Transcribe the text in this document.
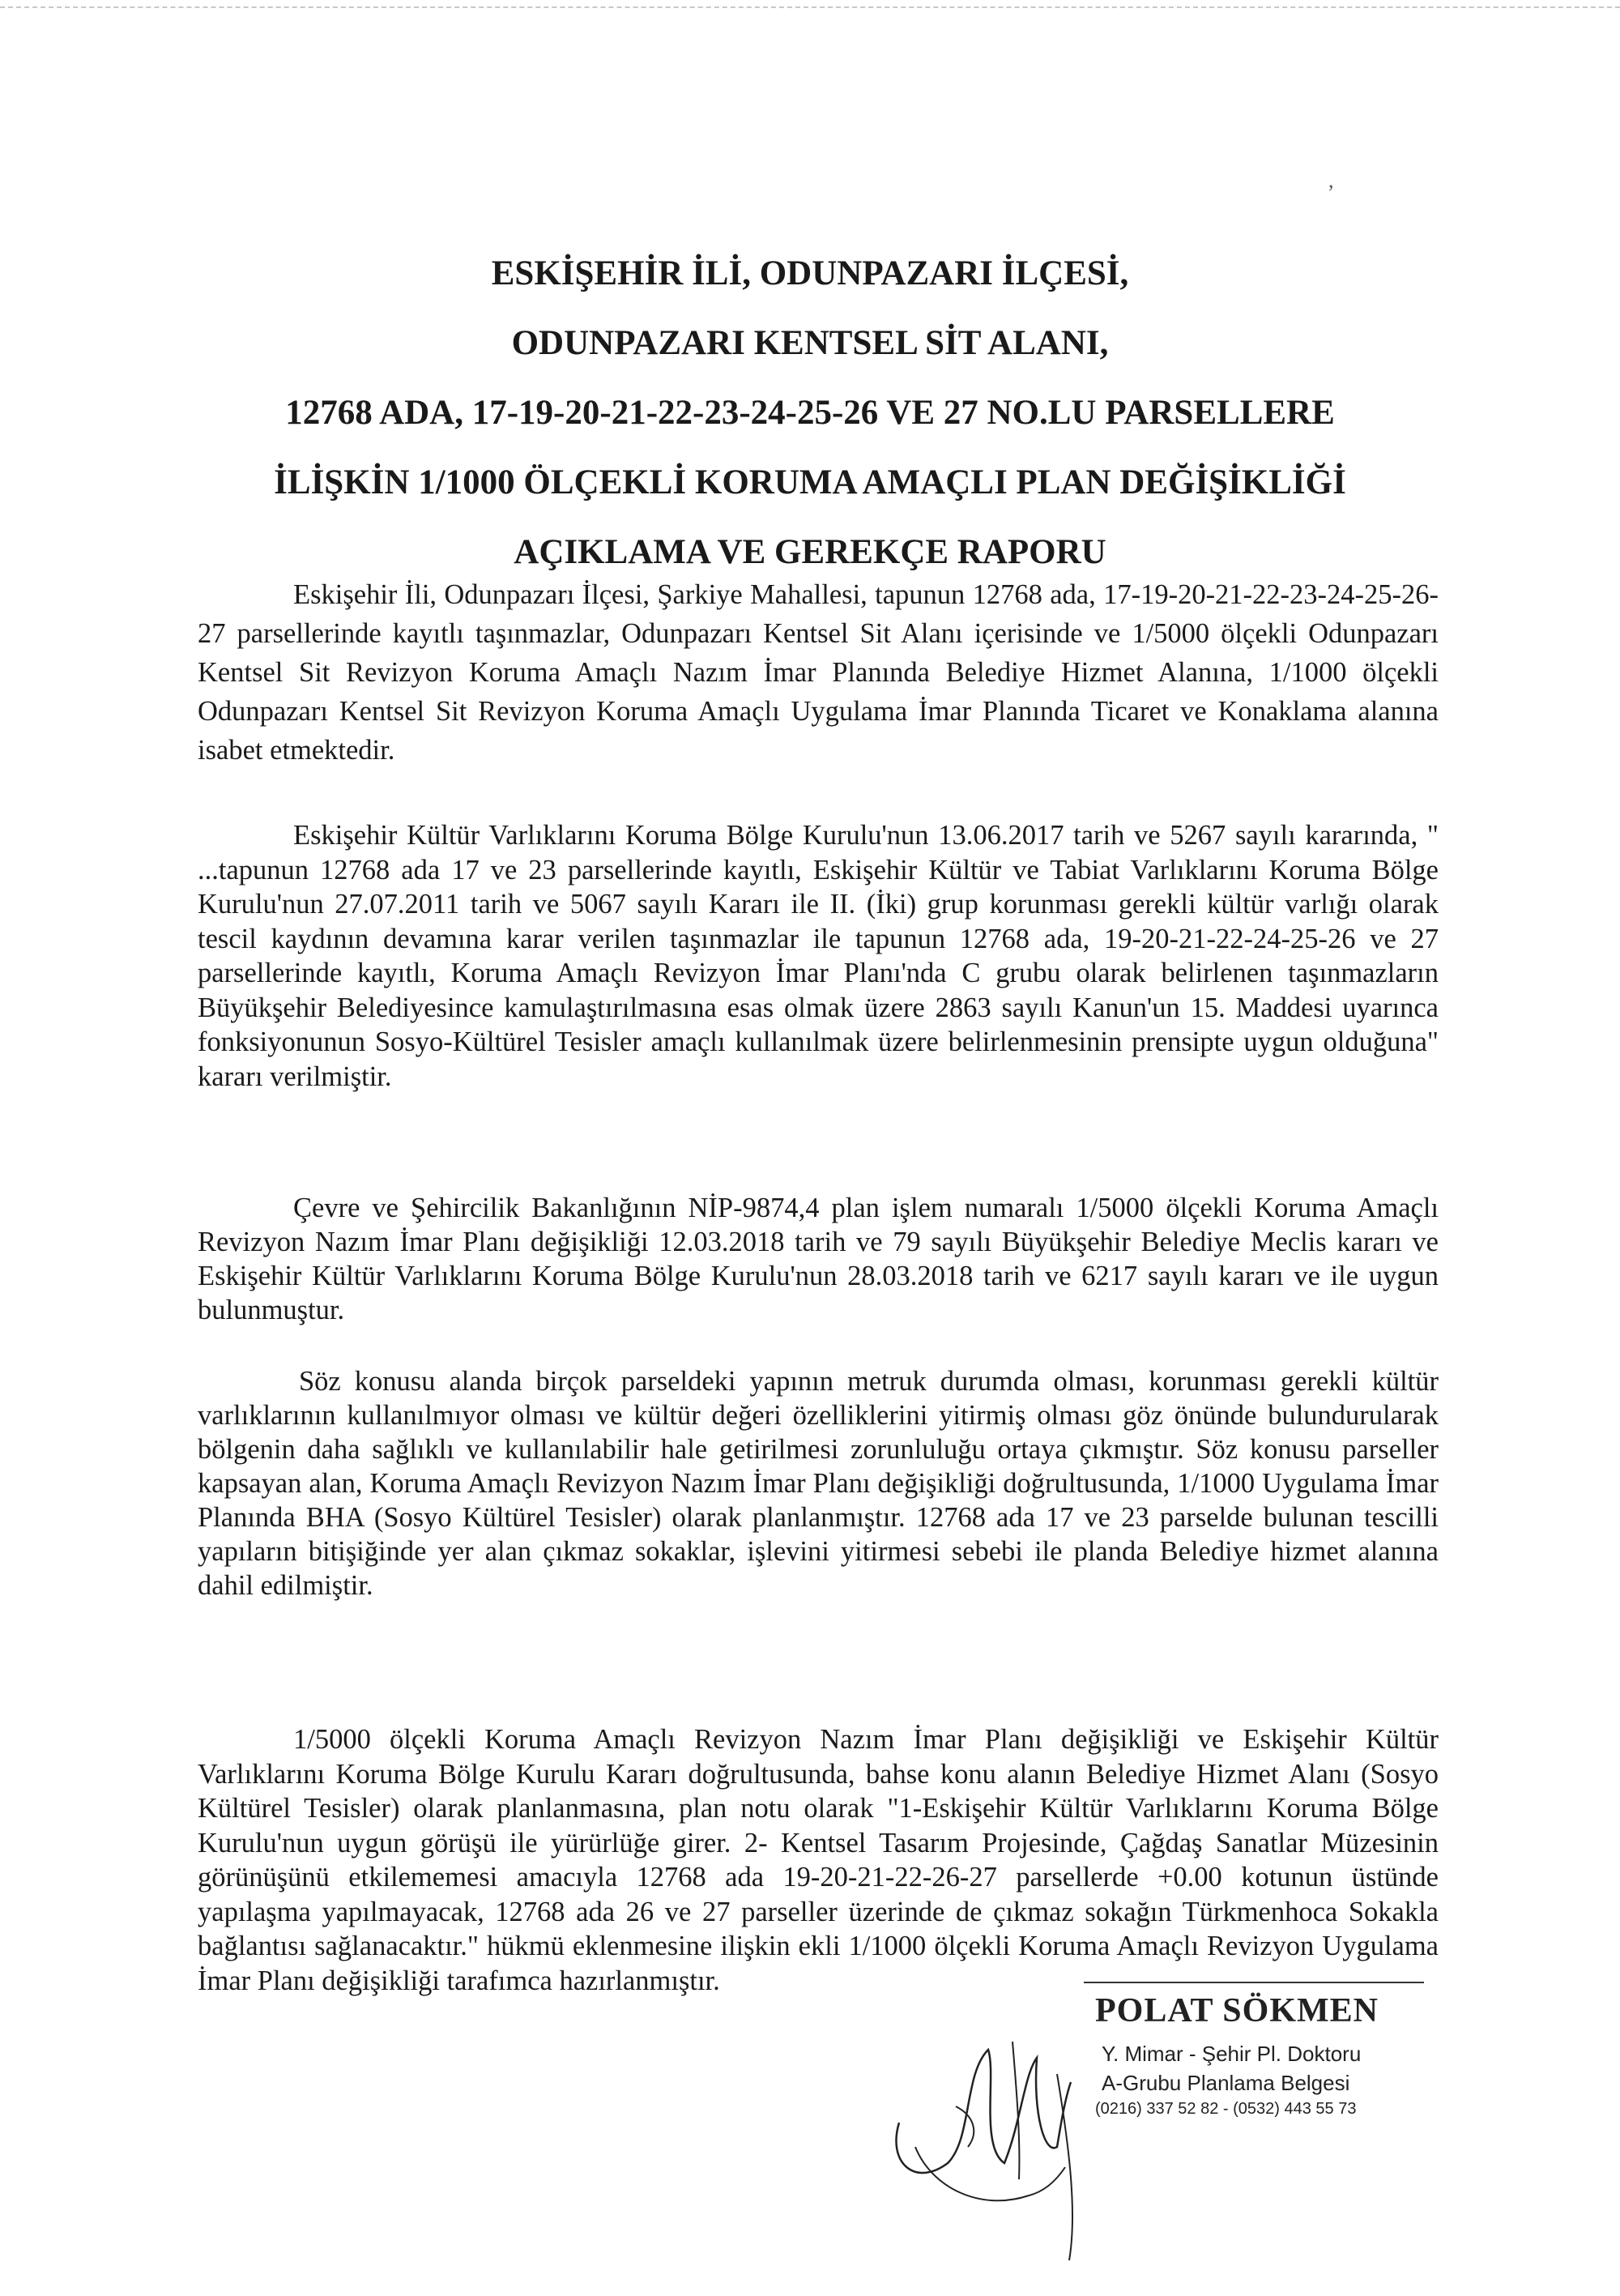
,
ESKİŞEHİR İLİ, ODUNPAZARI İLÇESİ,
ODUNPAZARI KENTSEL SİT ALANI,
12768 ADA, 17-19-20-21-22-23-24-25-26 VE 27 NO.LU PARSELLERE
İLİŞKİN 1/1000 ÖLÇEKLİ KORUMA AMAÇLI PLAN DEĞİŞİKLİĞİ
AÇIKLAMA VE GEREKÇE RAPORU
Eskişehir İli, Odunpazarı İlçesi, Şarkiye Mahallesi, tapunun 12768 ada, 17-19-20-21-22-23-24-25-26-27 parsellerinde kayıtlı taşınmazlar, Odunpazarı Kentsel Sit Alanı içerisinde ve 1/5000 ölçekli Odunpazarı Kentsel Sit Revizyon Koruma Amaçlı Nazım İmar Planında Belediye Hizmet Alanına, 1/1000 ölçekli Odunpazarı Kentsel Sit Revizyon Koruma Amaçlı Uygulama İmar Planında Ticaret ve Konaklama alanına isabet etmektedir.
Eskişehir Kültür Varlıklarını Koruma Bölge Kurulu'nun 13.06.2017 tarih ve 5267 sayılı kararında, " ...tapunun 12768 ada 17 ve 23 parsellerinde kayıtlı, Eskişehir Kültür ve Tabiat Varlıklarını Koruma Bölge Kurulu'nun 27.07.2011 tarih ve 5067 sayılı Kararı ile II. (İki) grup korunması gerekli kültür varlığı olarak tescil kaydının devamına karar verilen taşınmazlar ile tapunun 12768 ada, 19-20-21-22-24-25-26 ve 27 parsellerinde kayıtlı, Koruma Amaçlı Revizyon İmar Planı'nda C grubu olarak belirlenen taşınmazların Büyükşehir Belediyesince kamulaştırılmasına esas olmak üzere 2863 sayılı Kanun'un 15. Maddesi uyarınca fonksiyonunun Sosyo-Kültürel Tesisler amaçlı kullanılmak üzere belirlenmesinin prensipte uygun olduğuna" kararı verilmiştir.
Çevre ve Şehircilik Bakanlığının NİP-9874,4 plan işlem numaralı 1/5000 ölçekli Koruma Amaçlı Revizyon Nazım İmar Planı değişikliği 12.03.2018 tarih ve 79 sayılı Büyükşehir Belediye Meclis kararı ve Eskişehir Kültür Varlıklarını Koruma Bölge Kurulu'nun 28.03.2018 tarih ve 6217 sayılı kararı ve ile uygun bulunmuştur.
Söz konusu alanda birçok parseldeki yapının metruk durumda olması, korunması gerekli kültür varlıklarının kullanılmıyor olması ve kültür değeri özelliklerini yitirmiş olması göz önünde bulundurularak bölgenin daha sağlıklı ve kullanılabilir hale getirilmesi zorunluluğu ortaya çıkmıştır. Söz konusu parseller kapsayan alan, Koruma Amaçlı Revizyon Nazım İmar Planı değişikliği doğrultusunda, 1/1000 Uygulama İmar Planında BHA (Sosyo Kültürel Tesisler) olarak planlanmıştır. 12768 ada 17 ve 23 parselde bulunan tescilli yapıların bitişiğinde yer alan çıkmaz sokaklar, işlevini yitirmesi sebebi ile planda Belediye hizmet alanına dahil edilmiştir.
1/5000 ölçekli Koruma Amaçlı Revizyon Nazım İmar Planı değişikliği ve Eskişehir Kültür Varlıklarını Koruma Bölge Kurulu Kararı doğrultusunda, bahse konu alanın Belediye Hizmet Alanı (Sosyo Kültürel Tesisler) olarak planlanmasına, plan notu olarak "1-Eskişehir Kültür Varlıklarını Koruma Bölge Kurulu'nun uygun görüşü ile yürürlüğe girer. 2- Kentsel Tasarım Projesinde, Çağdaş Sanatlar Müzesinin görünüşünü etkilememesi amacıyla 12768 ada 19-20-21-22-26-27 parsellerde +0.00 kotunun üstünde yapılaşma yapılmayacak, 12768 ada 26 ve 27 parseller üzerinde de çıkmaz sokağın Türkmenhoca Sokakla bağlantısı sağlanacaktır." hükmü eklenmesine ilişkin ekli 1/1000 ölçekli Koruma Amaçlı Revizyon Uygulama İmar Planı değişikliği tarafımca hazırlanmıştır.
POLAT SÖKMEN
Y. Mimar - Şehir Pl. Doktoru
A-Grubu Planlama Belgesi
(0216) 337 52 82 - (0532) 443 55 73
